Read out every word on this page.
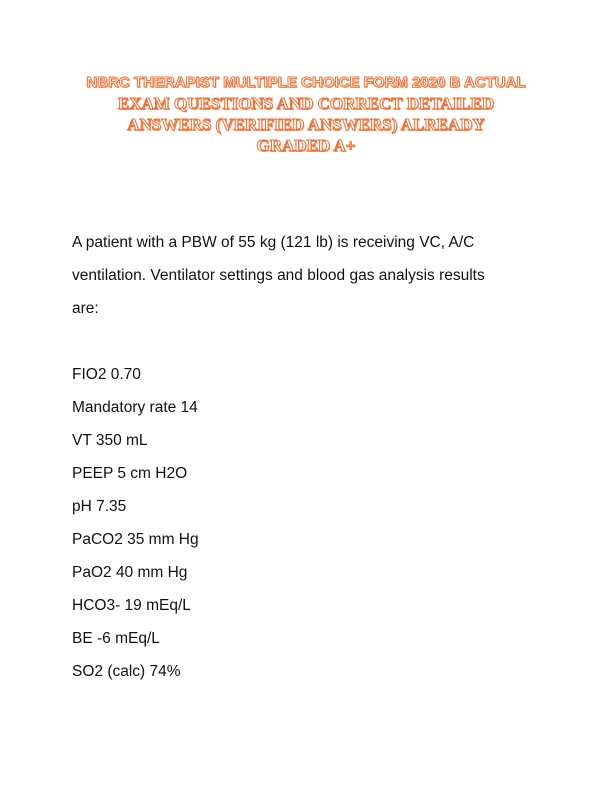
NBRC THERAPIST MULTIPLE CHOICE FORM 2020 B ACTUAL
EXAM QUESTIONS AND CORRECT DETAILED
ANSWERS (VERIFIED ANSWERS) ALREADY
GRADED A+

A patient with a PBW of 55 kg (121 lb) is receiving VC, A/C

ventilation. Ventilator settings and blood gas analysis results

are:

FIO2 0.70
Mandatory rate 14
VT 350 mL
PEEP 5 cm H2O
pH 7.35
PaCO2 35 mm Hg
PaO2 40 mm Hg
HCO3- 19 mEq/L
BE -6 mEq/L
SO2 (calc) 74%
